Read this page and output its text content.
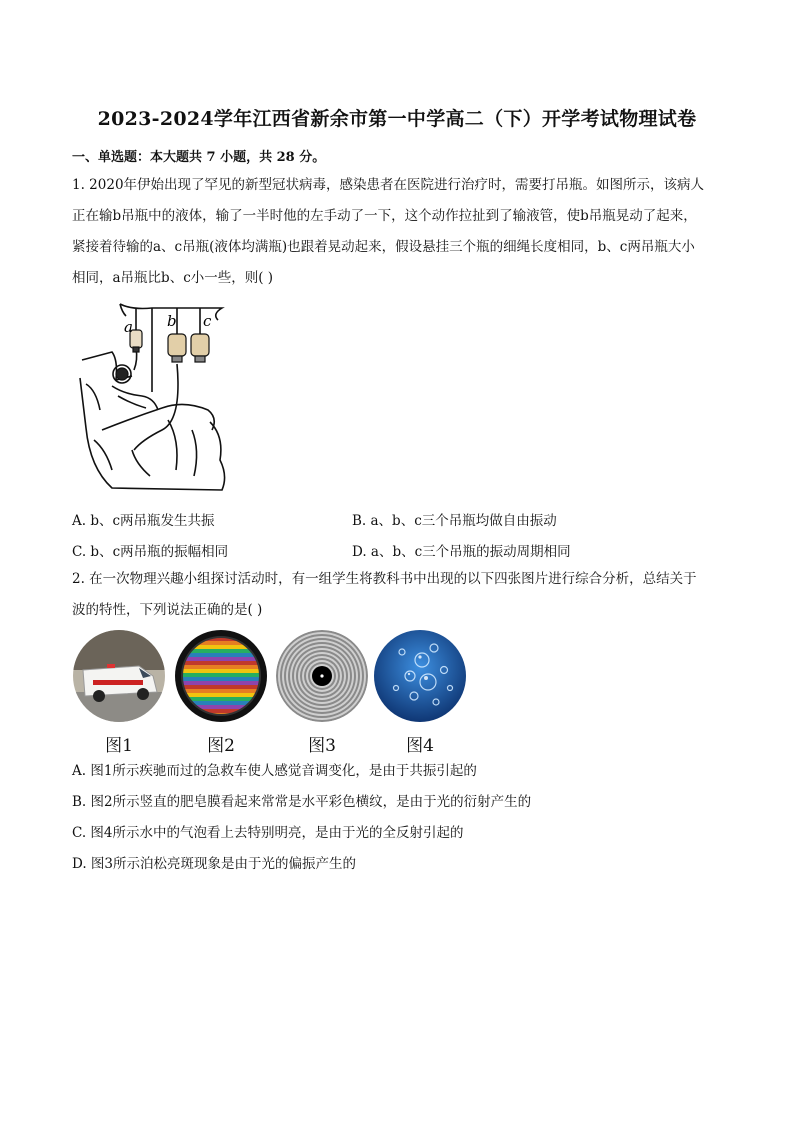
2023-2024学年江西省新余市第一中学高二（下）开学考试物理试卷
一、单选题：本大题共 7 小题，共 28 分。
1. 2020年伊始出现了罕见的新型冠状病毒，感染患者在医院进行治疗时，需要打吊瓶。如图所示，该病人
正在输b吊瓶中的液体，输了一半时他的左手动了一下，这个动作拉扯到了输液管，使b吊瓶晃动了起来，
紧接着待输的a、c吊瓶(液体均满瓶)也跟着晃动起来，假设悬挂三个瓶的细绳长度相同，b、c两吊瓶大小
相同，a吊瓶比b、c小一些，则( )
a b c
A. b、c两吊瓶发生共振	B. a、b、c三个吊瓶均做自由振动
C. b、c两吊瓶的振幅相同	D. a、b、c三个吊瓶的振动周期相同
2. 在一次物理兴趣小组探讨活动时，有一组学生将教科书中出现的以下四张图片进行综合分析，总结关于
波的特性，下列说法正确的是( )
图1	图2	图3	图4
A. 图1所示疾驰而过的急救车使人感觉音调变化，是由于共振引起的
B. 图2所示竖直的肥皂膜看起来常常是水平彩色横纹，是由于光的衍射产生的
C. 图4所示水中的气泡看上去特别明亮，是由于光的全反射引起的
D. 图3所示泊松亮斑现象是由于光的偏振产生的
